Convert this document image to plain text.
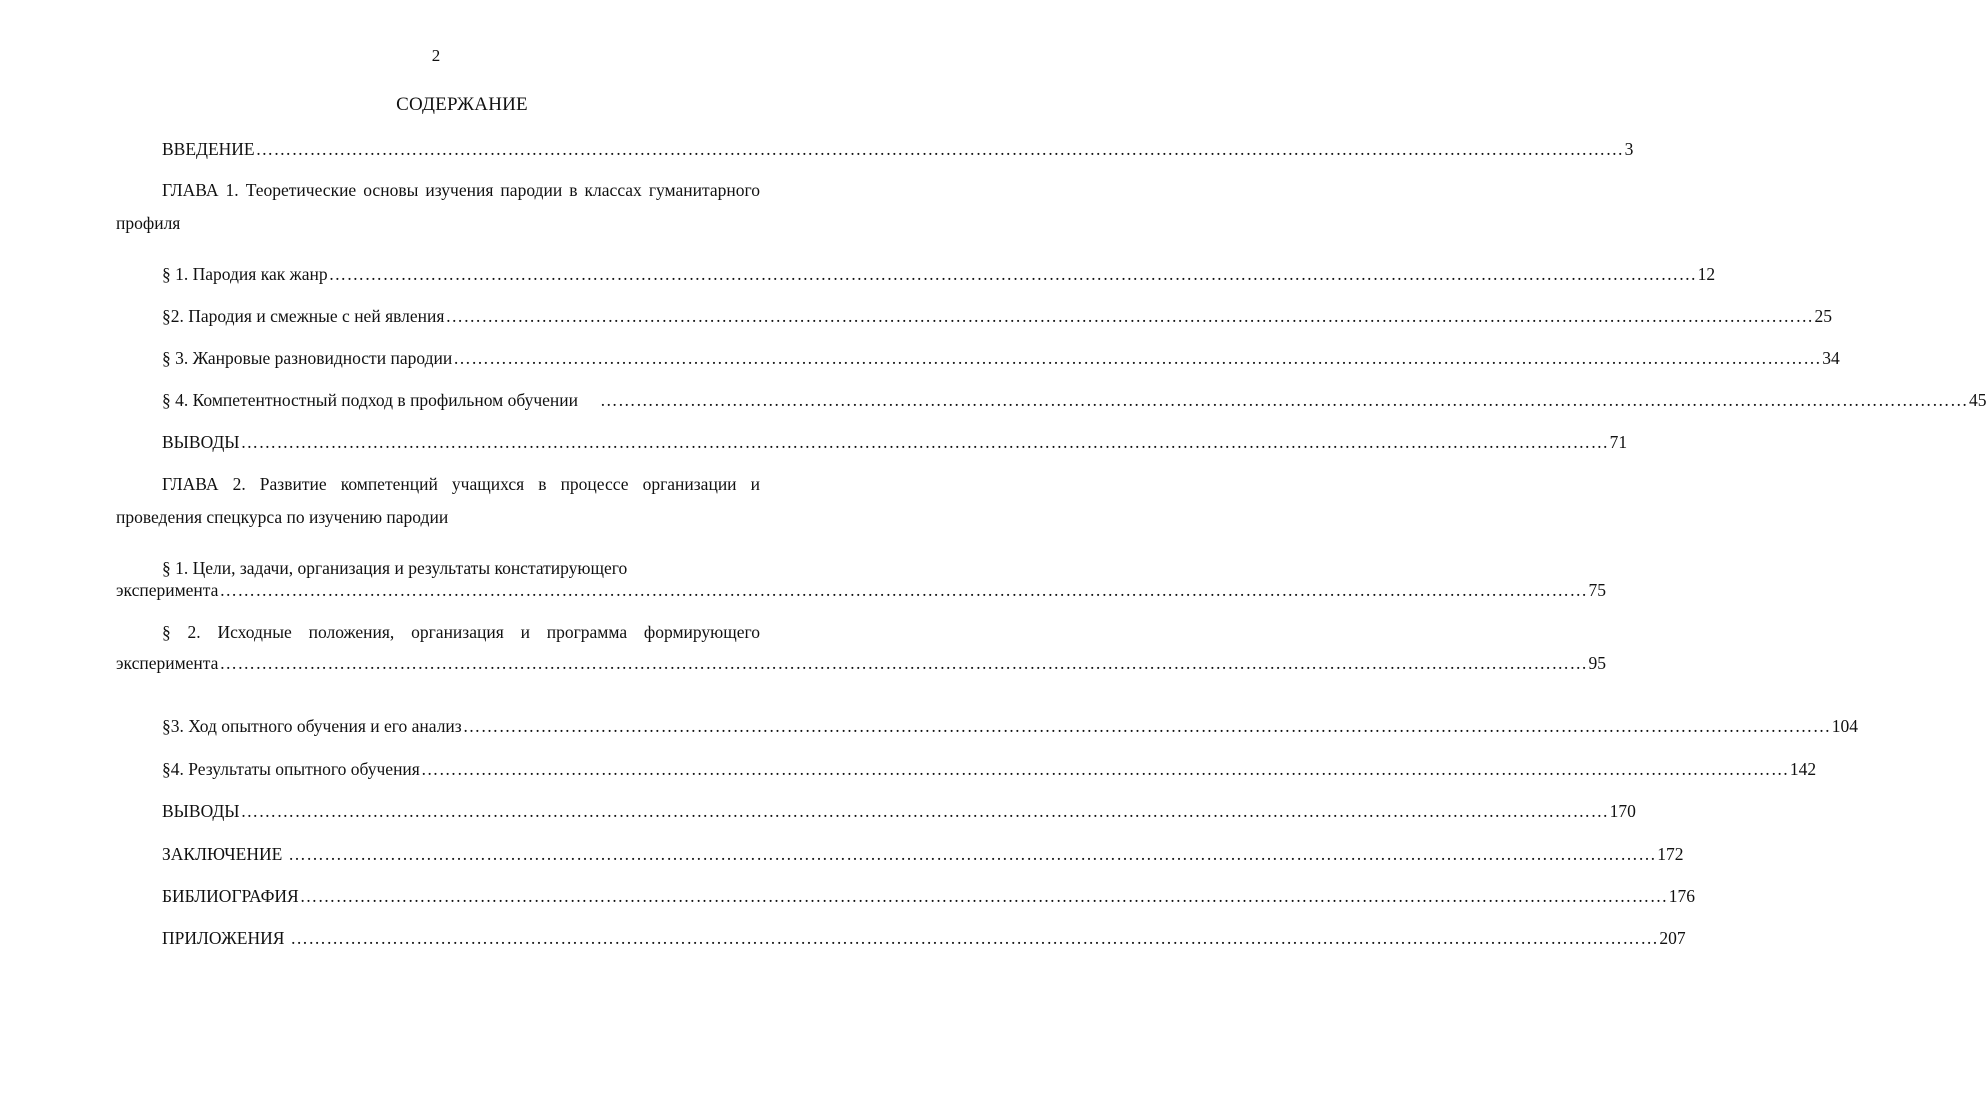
2
СОДЕРЖАНИЕ
ВВЕДЕНИЕ ………………………………………………………………………………………………………………………………………………………………………………………………………… 3
ГЛАВА 1. Теоретические основы изучения пародии в классах гуманитарного профиля
§ 1. Пародия как жанр ………………………………………………………………………………………………………………………………………………………………………………………………………… 12
§2. Пародия и смежные с ней явления ………………………………………………………………………………………………………………………………………………………………………………………………………… 25
§ 3. Жанровые разновидности пародии ………………………………………………………………………………………………………………………………………………………………………………………………………… 34
§ 4. Компетентностный подход в профильном обучении ………………………………………………………………………………………………………………………………………………………………………………………………………… 45
ВЫВОДЫ ………………………………………………………………………………………………………………………………………………………………………………………………………… 71
ГЛАВА 2. Развитие компетенций учащихся в процессе организации и проведения спецкурса по изучению пародии
§ 1. Цели, задачи, организация и результаты констатирующего
эксперимента ………………………………………………………………………………………………………………………………………………………………………………………………………… 75
§ 2. Исходные положения, организация и программа формирующего
эксперимента ………………………………………………………………………………………………………………………………………………………………………………………………………… 95
§3. Ход опытного обучения и его анализ ………………………………………………………………………………………………………………………………………………………………………………………………………… 104
§4. Результаты опытного обучения ………………………………………………………………………………………………………………………………………………………………………………………………………… 142
ВЫВОДЫ ………………………………………………………………………………………………………………………………………………………………………………………………………… 170
ЗАКЛЮЧЕНИЕ ………………………………………………………………………………………………………………………………………………………………………………………………………… 172
БИБЛИОГРАФИЯ ………………………………………………………………………………………………………………………………………………………………………………………………………… 176
ПРИЛОЖЕНИЯ ………………………………………………………………………………………………………………………………………………………………………………………………………… 207
